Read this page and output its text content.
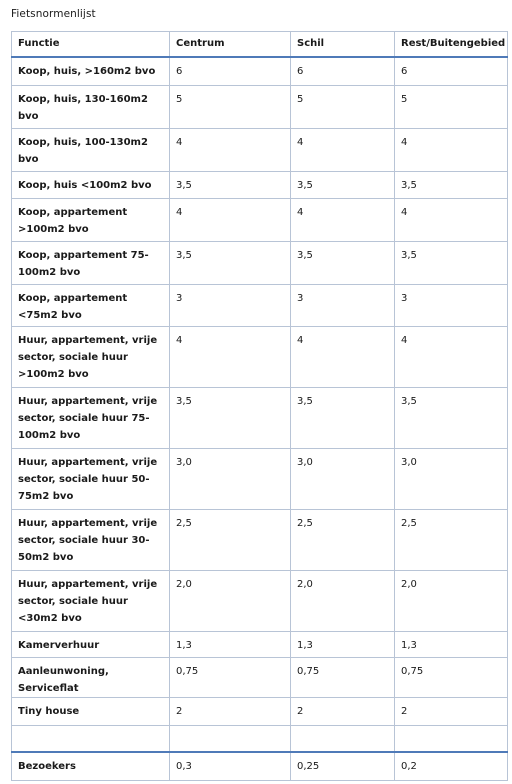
Fietsnormenlijst
Functie	Centrum	Schil	Rest/Buitengebied
Koop, huis, >160m2 bvo	6	6	6
Koop, huis, 130-160m2 bvo	5	5	5
Koop, huis, 100-130m2 bvo	4	4	4
Koop, huis <100m2 bvo	3,5	3,5	3,5
Koop, appartement >100m2 bvo	4	4	4
Koop, appartement 75-100m2 bvo	3,5	3,5	3,5
Koop, appartement <75m2 bvo	3	3	3
Huur, appartement, vrije sector, sociale huur >100m2 bvo	4	4	4
Huur, appartement, vrije sector, sociale huur 75-100m2 bvo	3,5	3,5	3,5
Huur, appartement, vrije sector, sociale huur 50-75m2 bvo	3,0	3,0	3,0
Huur, appartement, vrije sector, sociale huur 30-50m2 bvo	2,5	2,5	2,5
Huur, appartement, vrije sector, sociale huur <30m2 bvo	2,0	2,0	2,0
Kamerverhuur	1,3	1,3	1,3
Aanleunwoning, Serviceflat	0,75	0,75	0,75
Tiny house	2	2	2

Bezoekers	0,3	0,25	0,2
